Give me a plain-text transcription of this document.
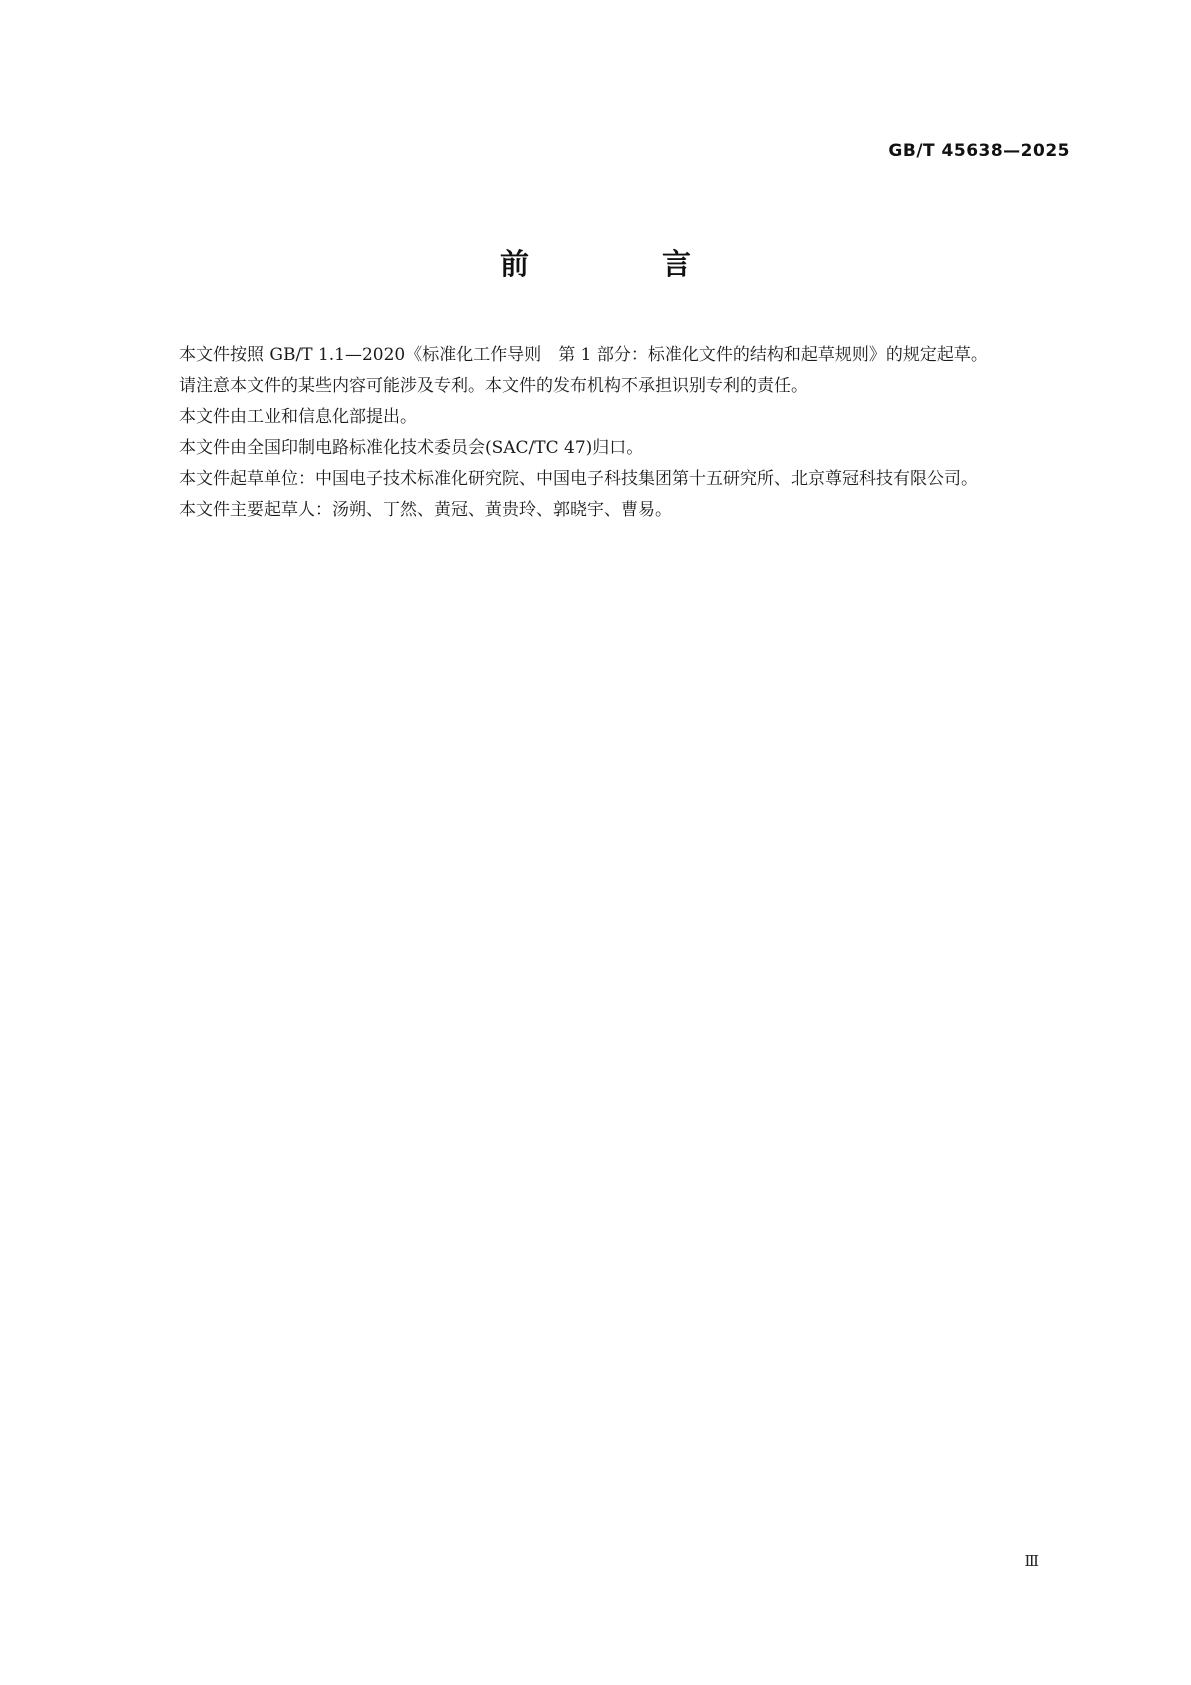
GB/T 45638—2025
前　言

本文件按照 GB/T 1.1—2020《标准化工作导则　第 1 部分：标准化文件的结构和起草规则》的规定起草。

请注意本文件的某些内容可能涉及专利。本文件的发布机构不承担识别专利的责任。

本文件由工业和信息化部提出。

本文件由全国印制电路标准化技术委员会(SAC/TC 47)归口。

本文件起草单位：中国电子技术标准化研究院、中国电子科技集团第十五研究所、北京尊冠科技有限公司。

本文件主要起草人：汤朔、丁然、黄冠、黄贵玲、郭晓宇、曹易。

Ⅲ
